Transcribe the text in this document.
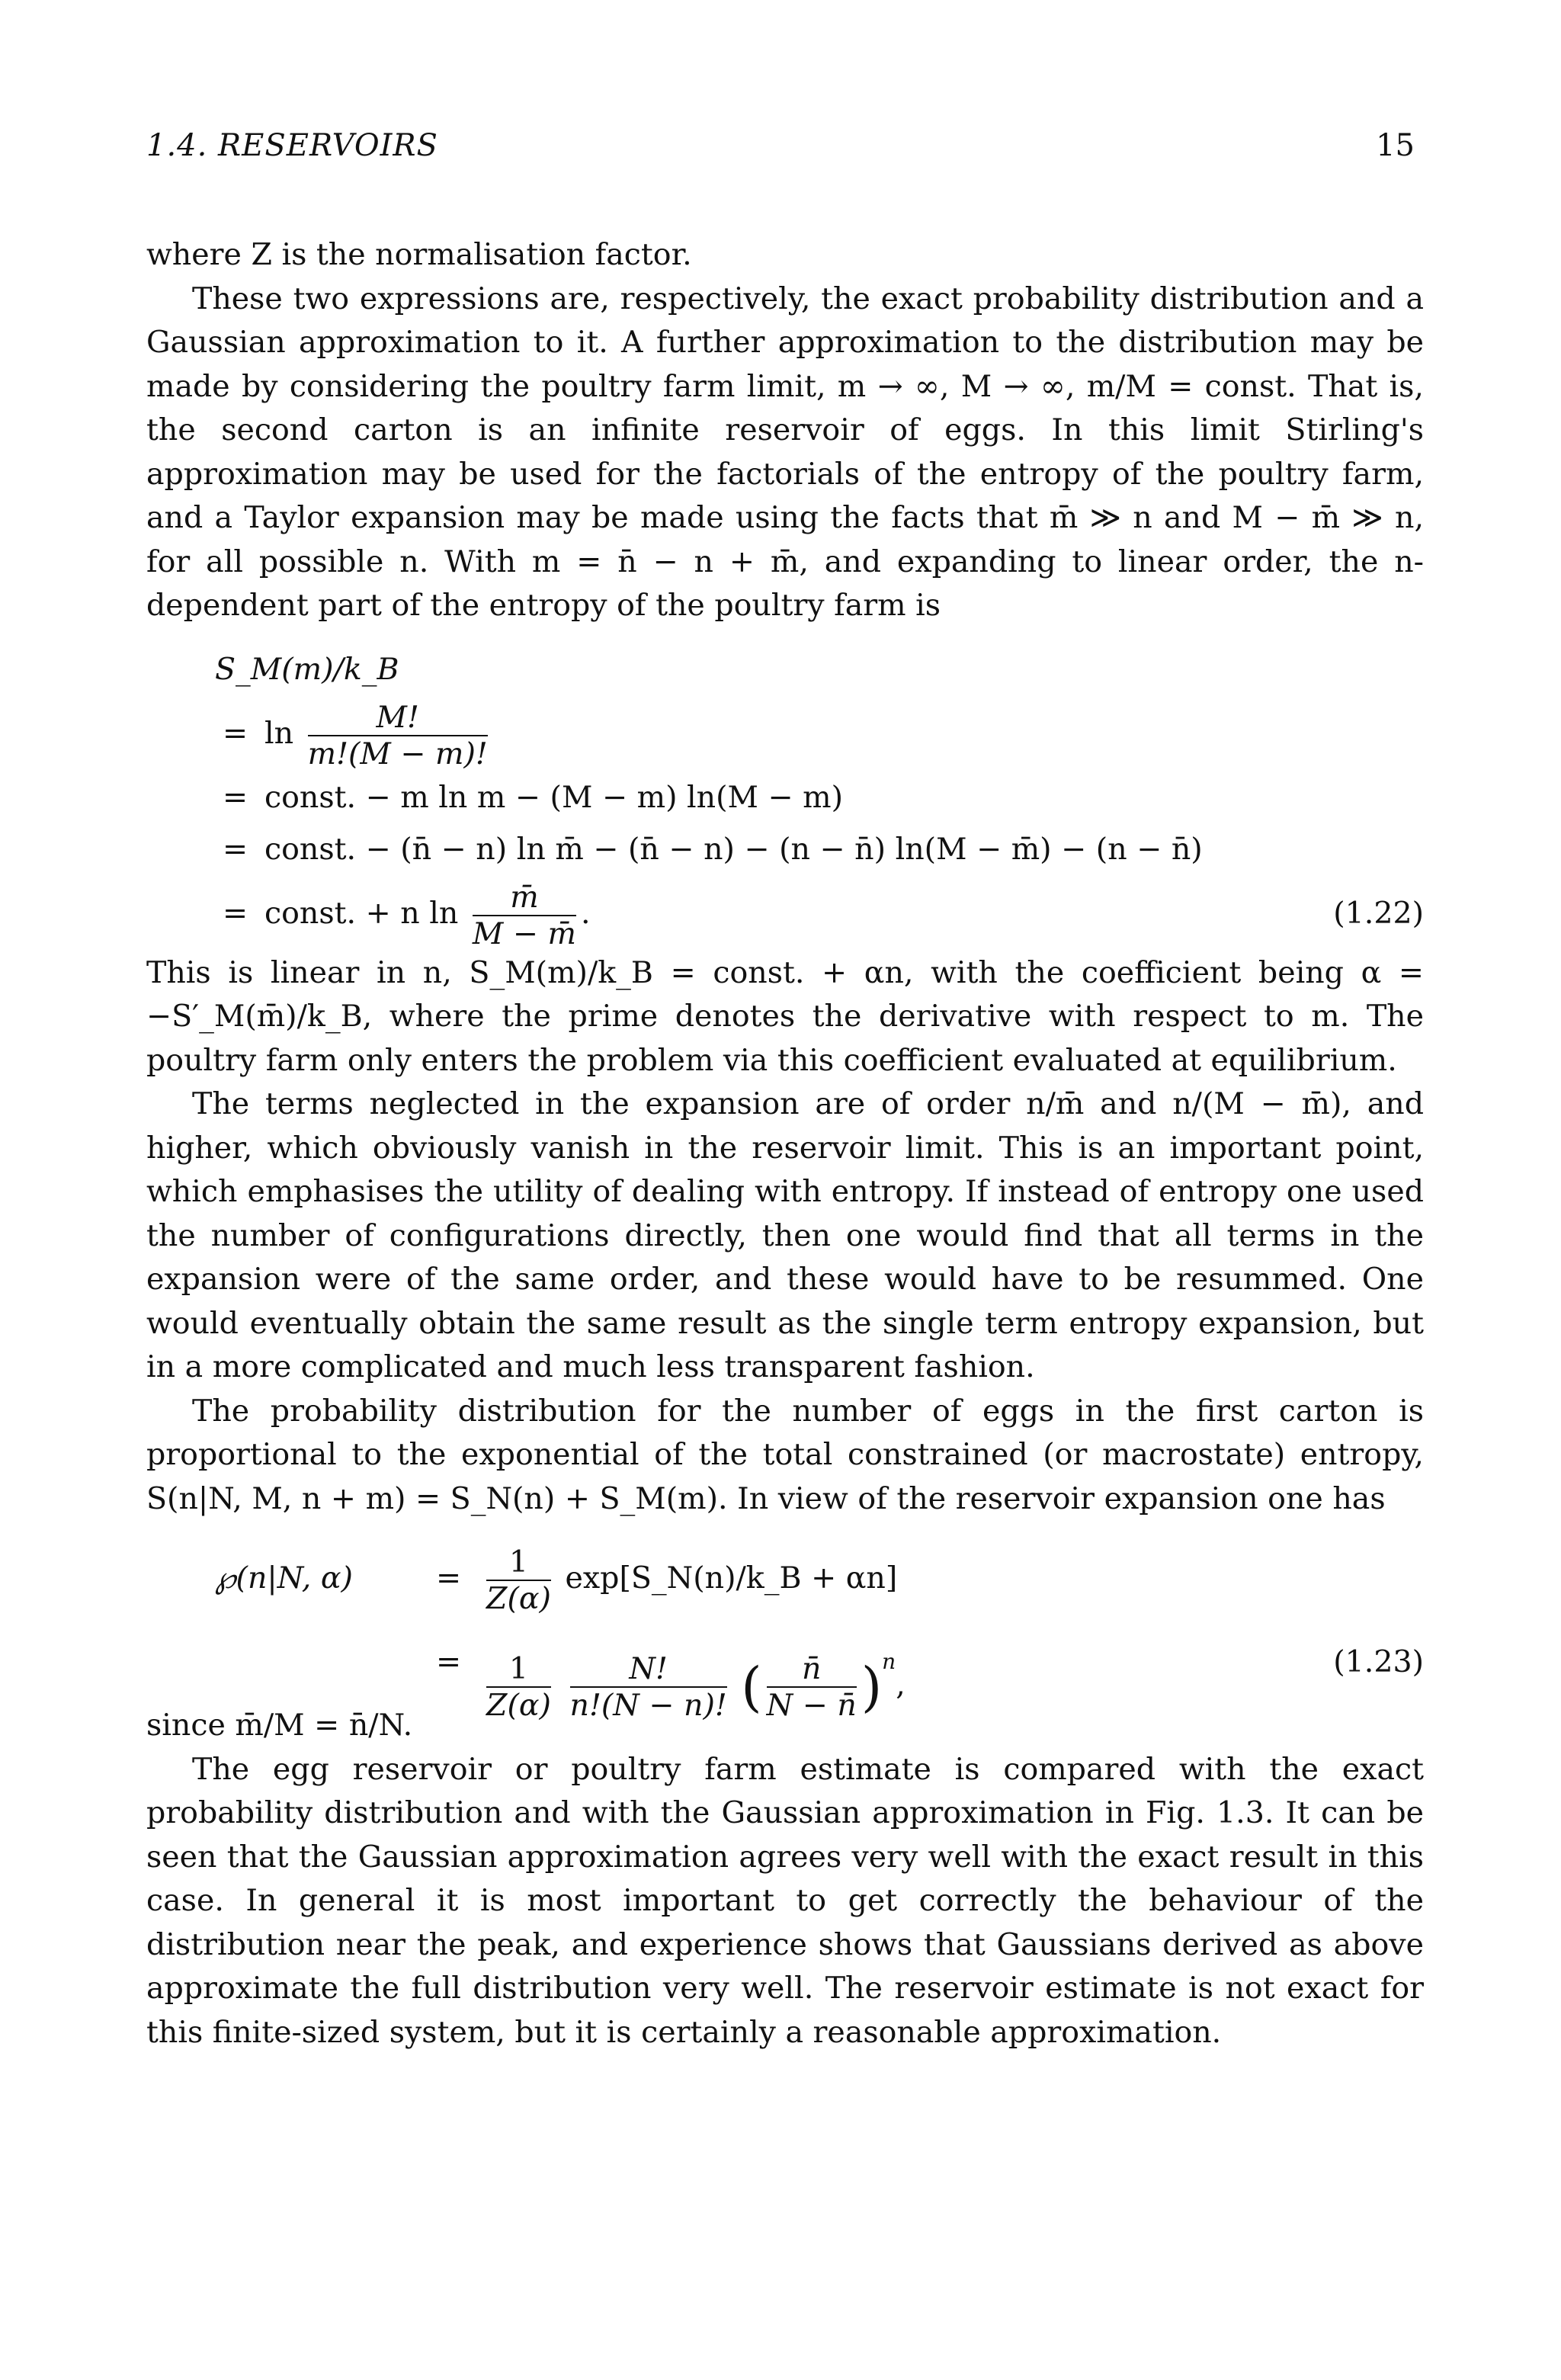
1.4. RESERVOIRS	15

where Z is the normalisation factor.

These two expressions are, respectively, the exact probability distribution and a Gaussian approximation to it. A further approximation to the distribution may be made by considering the poultry farm limit, m → ∞, M → ∞, m/M = const. That is, the second carton is an infinite reservoir of eggs. In this limit Stirling's approximation may be used for the factorials of the entropy of the poultry farm, and a Taylor expansion may be made using the facts that m̄ ≫ n and M − m̄ ≫ n, for all possible n. With m = n̄ − n + m̄, and expanding to linear order, the n-dependent part of the entropy of the poultry farm is

S_M(m)/k_B
= $\ln \frac{M!}{m!(M - m)!}$
= const. − m ln m − (M − m) ln(M − m)
= const. − (n̄ − n) ln m̄ − (n̄ − n) − (n − n̄) ln(M − m̄) − (n − n̄)
= const. + n $\ln \frac{m̄}{M - m̄}$ .	(1.22)

This is linear in n, S_M(m)/k_B = const. + αn, with the coefficient being α = −S′_M(m̄)/k_B, where the prime denotes the derivative with respect to m. The poultry farm only enters the problem via this coefficient evaluated at equilibrium.

The terms neglected in the expansion are of order n/m̄ and n/(M − m̄), and higher, which obviously vanish in the reservoir limit. This is an important point, which emphasises the utility of dealing with entropy. If instead of entropy one used the number of configurations directly, then one would find that all terms in the expansion were of the same order, and these would have to be resummed. One would eventually obtain the same result as the single term entropy expansion, but in a more complicated and much less transparent fashion.

The probability distribution for the number of eggs in the first carton is proportional to the exponential of the total constrained (or macrostate) entropy, S(n|N, M, n + m) = S_N(n) + S_M(m). In view of the reservoir expansion one has

℘(n|N, α)	= $\frac{1}{Z(\alpha)}$ exp[S_N(n)/k_B + αn]
= $\frac{1}{Z(\alpha)}$
$\frac{N!}{n!(N - n)!}$ ( $\frac{n̄}{N - n̄} )^n$,
(1.23)

since m̄/M = n̄/N.

The egg reservoir or poultry farm estimate is compared with the exact probability distribution and with the Gaussian approximation in Fig. 1.3. It can be seen that the Gaussian approximation agrees very well with the exact result in this case. In general it is most important to get correctly the behaviour of the distribution near the peak, and experience shows that Gaussians derived as above approximate the full distribution very well. The reservoir estimate is not exact for this finite-sized system, but it is certainly a reasonable approximation.
